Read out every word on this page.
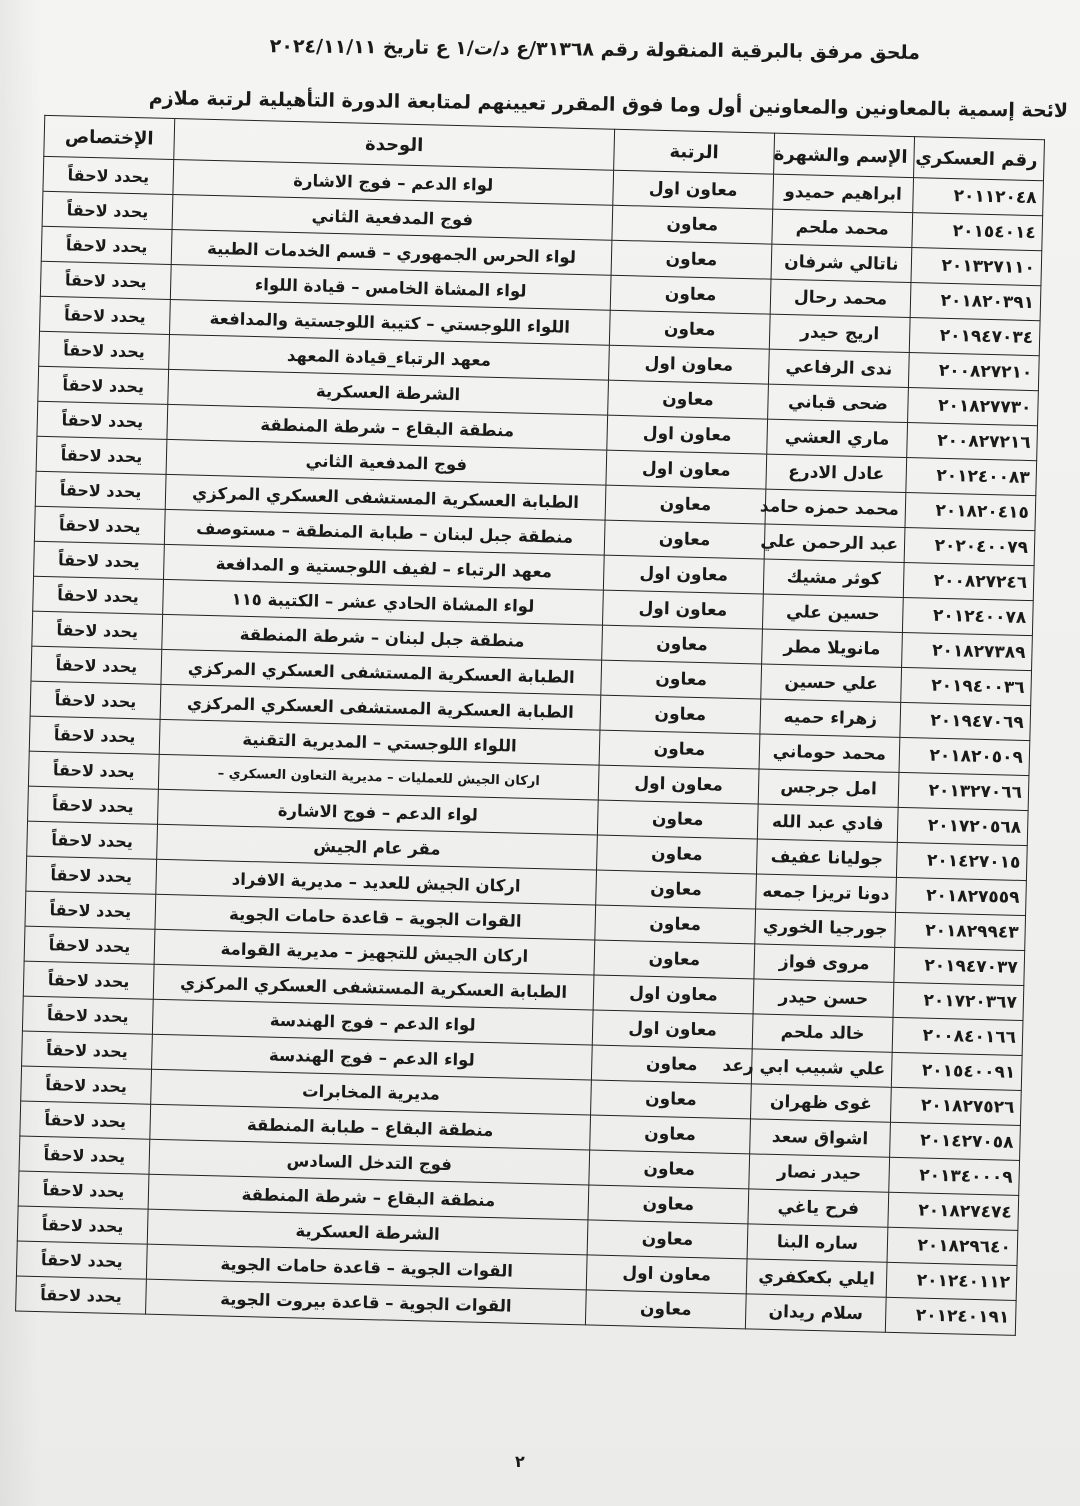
ملحق مرفق بالبرقية المنقولة رقم ٣١٣٦٨/ع د/ت/١ ع تاريخ ٢٠٢٤/١١/١١
لائحة إسمية بالمعاونين والمعاونين أول وما فوق المقرر تعيينهم لمتابعة الدورة التأهيلية لرتبة ملازم
رقم العسكري	الإسم والشهرة	الرتبة	الوحدة	الإختصاص
٢٠١١٢٠٤٨	ابراهيم حميدو	معاون اول	لواء الدعم – فوج الاشارة	يحدد لاحقاً
٢٠١٥٤٠١٤	محمد ملحم	معاون	فوج المدفعية الثاني	يحدد لاحقاً
٢٠١٣٢٧١١٠	ناتالي شرفان	معاون	لواء الحرس الجمهوري – قسم الخدمات الطبية	يحدد لاحقاً
٢٠١٨٢٠٣٩١	محمد رحال	معاون	لواء المشاة الخامس – قيادة اللواء	يحدد لاحقاً
٢٠١٩٤٧٠٣٤	اريج حيدر	معاون	اللواء اللوجستي – كتيبة اللوجستية والمدافعة	يحدد لاحقاً
٢٠٠٨٢٧٢١٠	ندى الرفاعي	معاون اول	معهد الرتباء_قيادة المعهد	يحدد لاحقاً
٢٠١٨٢٧٧٣٠	ضحى قباني	معاون	الشرطة العسكرية	يحدد لاحقاً
٢٠٠٨٢٧٢١٦	ماري العشي	معاون اول	منطقة البقاع – شرطة المنطقة	يحدد لاحقاً
٢٠١٢٤٠٠٨٣	عادل الادرع	معاون اول	فوج المدفعية الثاني	يحدد لاحقاً
٢٠١٨٢٠٤١٥	محمد حمزه حامد	معاون	الطبابة العسكرية المستشفى العسكري المركزي	يحدد لاحقاً
٢٠٢٠٤٠٠٧٩	عبد الرحمن علي	معاون	منطقة جبل لبنان – طبابة المنطقة – مستوصف	يحدد لاحقاً
٢٠٠٨٢٧٢٤٦	كوثر مشيك	معاون اول	معهد الرتباء – لفيف اللوجستية و المدافعة	يحدد لاحقاً
٢٠١٢٤٠٠٧٨	حسين علي	معاون اول	لواء المشاة الحادي عشر – الكتيبة ١١٥	يحدد لاحقاً
٢٠١٨٢٧٣٨٩	مانويلا مطر	معاون	منطقة جبل لبنان – شرطة المنطقة	يحدد لاحقاً
٢٠١٩٤٠٠٣٦	علي حسين	معاون	الطبابة العسكرية المستشفى العسكري المركزي	يحدد لاحقاً
٢٠١٩٤٧٠٦٩	زهراء حميه	معاون	الطبابة العسكرية المستشفى العسكري المركزي	يحدد لاحقاً
٢٠١٨٢٠٥٠٩	محمد حوماني	معاون	اللواء اللوجستي – المديرية التقنية	يحدد لاحقاً
٢٠١٣٢٧٠٦٦	امل جرجس	معاون اول	اركان الجيش للعمليات – مديرية التعاون العسكري –	يحدد لاحقاً
٢٠١٧٢٠٥٦٨	فادي عبد الله	معاون	لواء الدعم – فوج الاشارة	يحدد لاحقاً
٢٠١٤٢٧٠١٥	جوليانا عفيف	معاون	مقر عام الجيش	يحدد لاحقاً
٢٠١٨٢٧٥٥٩	دونا تريزا جمعه	معاون	اركان الجيش للعديد – مديرية الافراد	يحدد لاحقاً
٢٠١٨٢٩٩٤٣	جورجيا الخوري	معاون	القوات الجوية – قاعدة حامات الجوية	يحدد لاحقاً
٢٠١٩٤٧٠٣٧	مروى فواز	معاون	اركان الجيش للتجهيز – مديرية القوامة	يحدد لاحقاً
٢٠١٧٢٠٣٦٧	حسن حيدر	معاون اول	الطبابة العسكرية المستشفى العسكري المركزي	يحدد لاحقاً
٢٠٠٨٤٠١٦٦	خالد ملحم	معاون اول	لواء الدعم – فوج الهندسة	يحدد لاحقاً
٢٠١٥٤٠٠٩١	علي شبيب ابي رعد	معاون	لواء الدعم – فوج الهندسة	يحدد لاحقاً
٢٠١٨٢٧٥٢٦	غوى ظهران	معاون	مديرية المخابرات	يحدد لاحقاً
٢٠١٤٢٧٠٥٨	اشواق سعد	معاون	منطقة البقاع – طبابة المنطقة	يحدد لاحقاً
٢٠١٣٤٠٠٠٩	حيدر نصار	معاون	فوج التدخل السادس	يحدد لاحقاً
٢٠١٨٢٧٤٧٤	فرح ياغي	معاون	منطقة البقاع – شرطة المنطقة	يحدد لاحقاً
٢٠١٨٢٩٦٤٠	ساره البنا	معاون	الشرطة العسكرية	يحدد لاحقاً
٢٠١٢٤٠١١٢	ايلي بكعكفري	معاون اول	القوات الجوية – قاعدة حامات الجوية	يحدد لاحقاً
٢٠١٢٤٠١٩١	سلام ريدان	معاون	القوات الجوية – قاعدة بيروت الجوية	يحدد لاحقاً
٢
